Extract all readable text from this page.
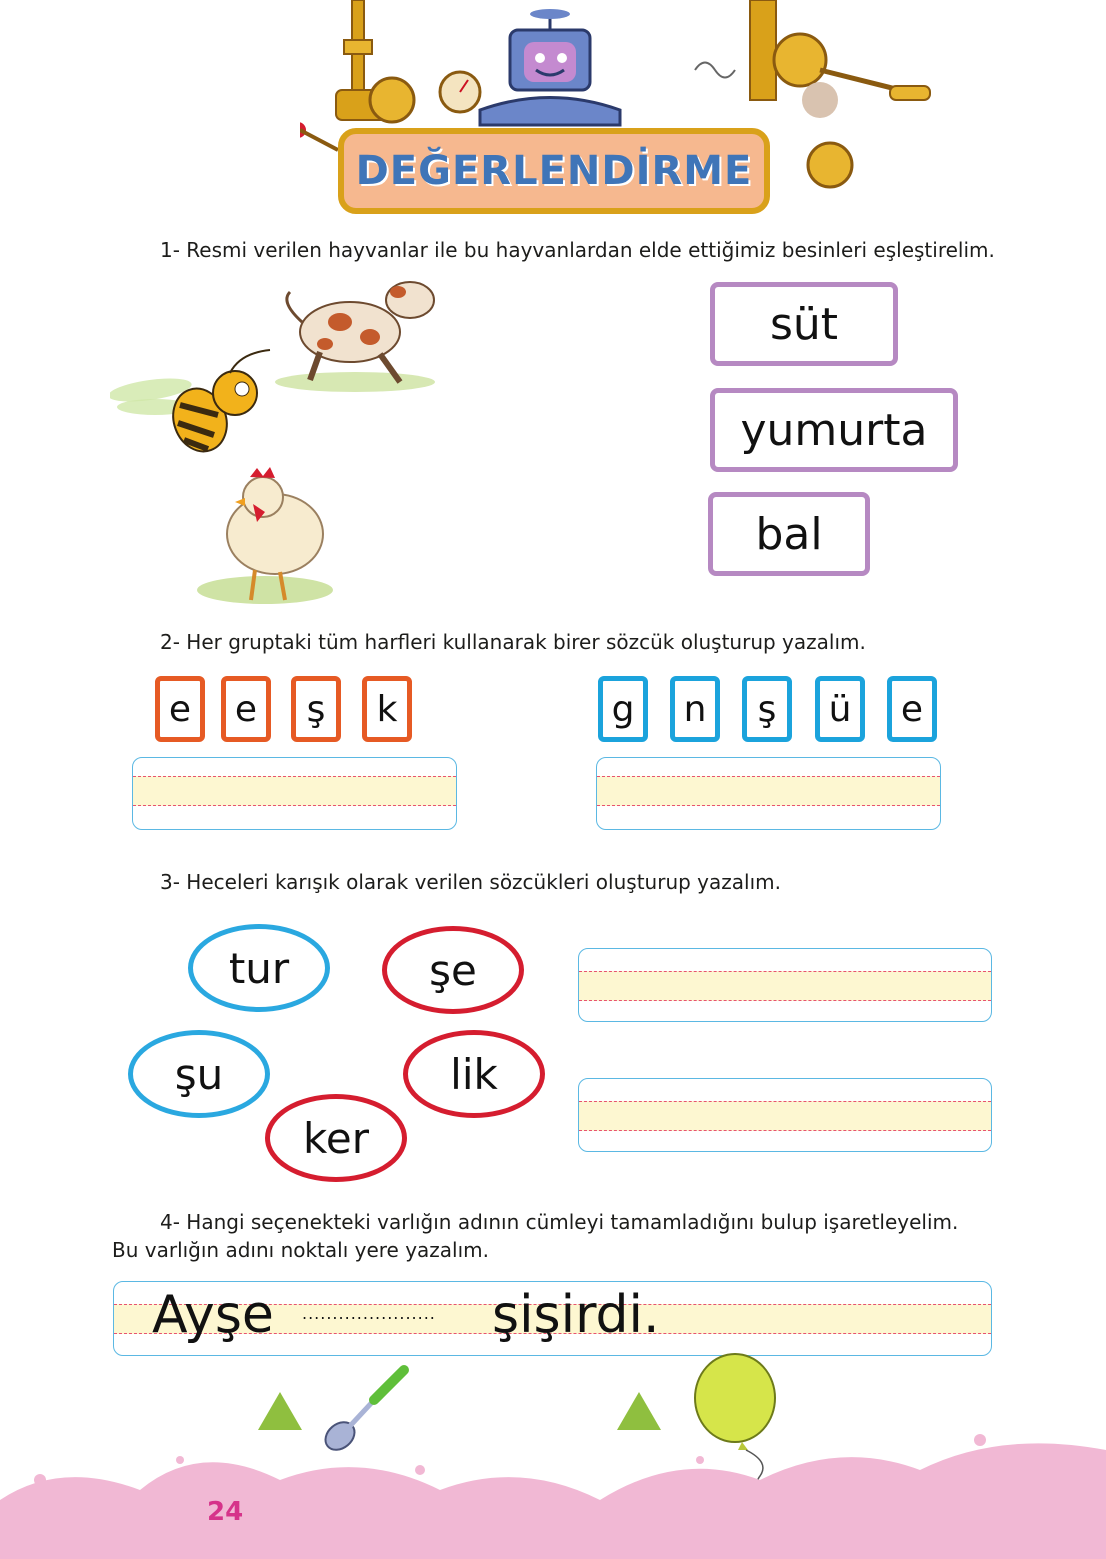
DEĞERLENDİRME
1- Resmi verilen hayvanlar ile bu hayvanlardan elde ettiğimiz besinleri eşleştirelim.
süt
yumurta
bal
2- Her gruptaki tüm harfleri kullanarak birer sözcük oluşturup yazalım.
e e ş k	g n ş ü e
3- Heceleri karışık olarak verilen sözcükleri oluşturup yazalım.
tur	şe
şu	lik
ker
4- Hangi seçenekteki varlığın adının cümleyi tamamladığını bulup işaretleyelim.
Bu varlığın adını noktalı yere yazalım.
Ayşe ...................... şişirdi.
24
